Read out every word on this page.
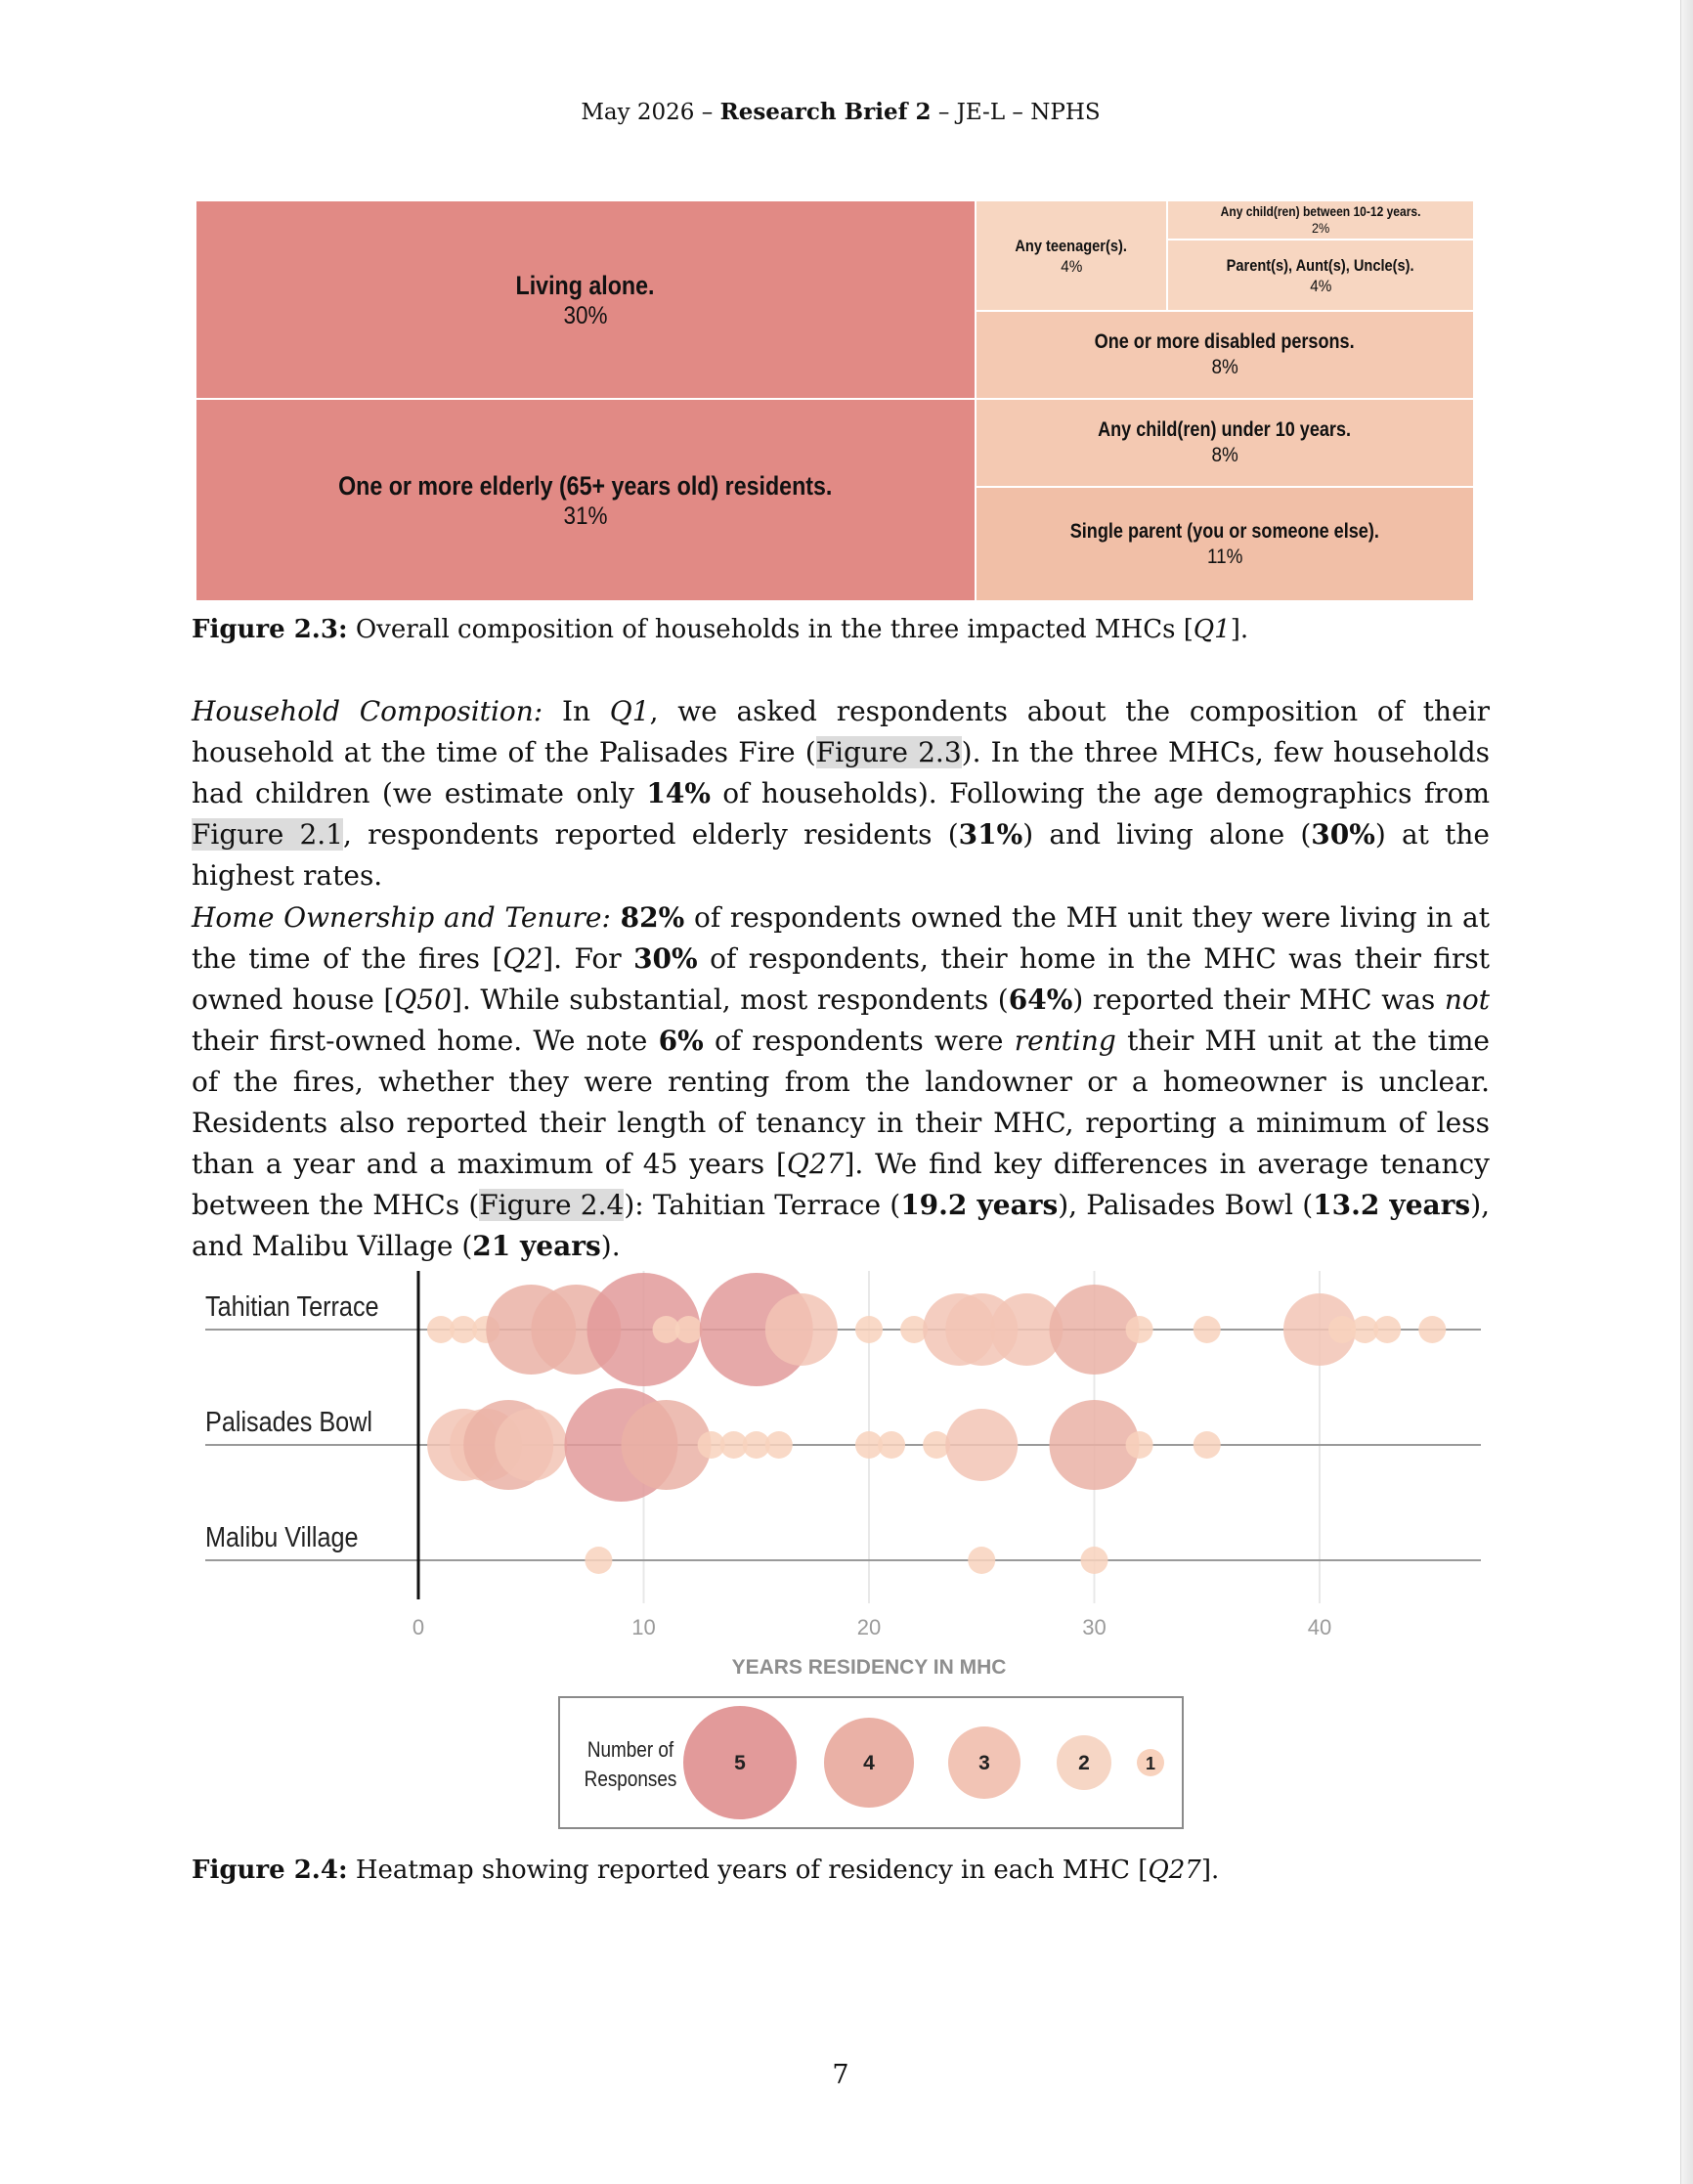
May 2026 – Research Brief 2 – JE-L – NPHS
Living alone.
30%
One or more elderly (65+ years old) residents.
31%
Any teenager(s).
4%
Any child(ren) between 10-12 years.
2%
Parent(s), Aunt(s), Uncle(s).
4%
One or more disabled persons.
8%
Any child(ren) under 10 years.
8%
Single parent (you or someone else).
11%
Figure 2.3: Overall composition of households in the three impacted MHCs [Q1].
Household Composition: In Q1, we asked respondents about the composition of their household at the time of the Palisades Fire (Figure 2.3). In the three MHCs, few households had children (we estimate only 14% of households). Following the age demographics from Figure 2.1, respondents reported elderly residents (31%) and living alone (30%) at the highest rates.
Home Ownership and Tenure: 82% of respondents owned the MH unit they were living in at the time of the fires [Q2]. For 30% of respondents, their home in the MHC was their first owned house [Q50]. While substantial, most respondents (64%) reported their MHC was not their first-owned home. We note 6% of respondents were renting their MH unit at the time of the fires, whether they were renting from the landowner or a homeowner is unclear. Residents also reported their length of tenancy in their MHC, reporting a minimum of less than a year and a maximum of 45 years [Q27]. We find key differences in average tenancy between the MHCs (Figure 2.4): Tahitian Terrace (19.2 years), Palisades Bowl (13.2 years), and Malibu Village (21 years).
Tahitian Terrace
Palisades Bowl
Malibu Village
0	10	20	30	40
YEARS RESIDENCY IN MHC
Number of Responses
5	4	3	2	1
Figure 2.4: Heatmap showing reported years of residency in each MHC [Q27].
7
